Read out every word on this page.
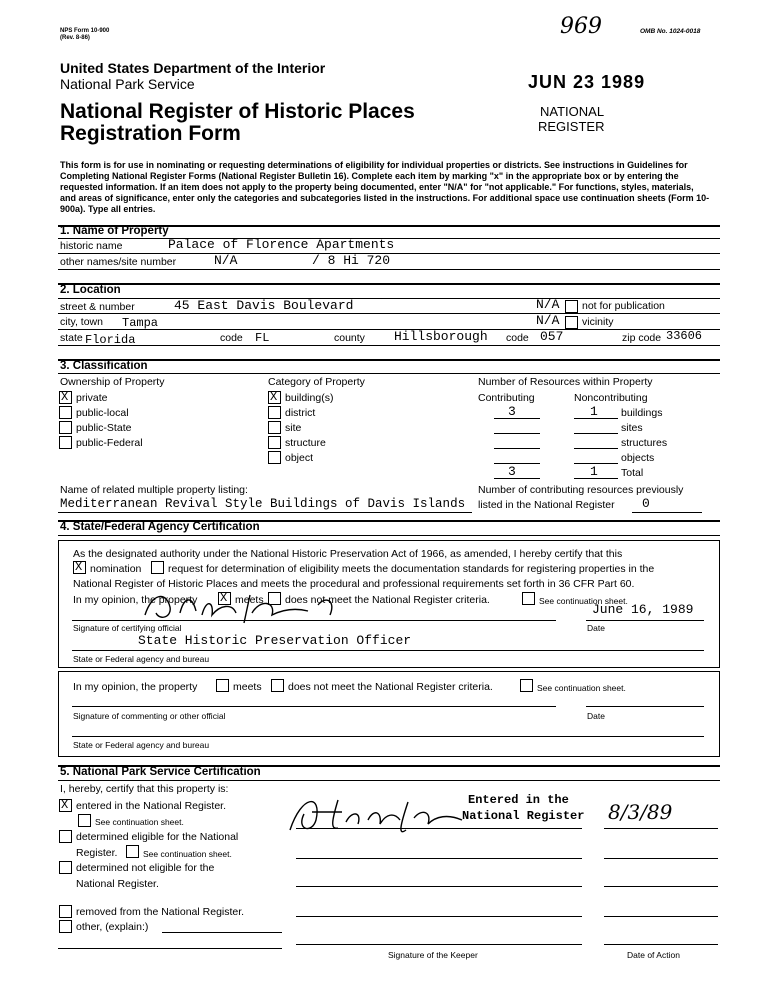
NPS Form 10-900
(Rev. 8-86)	969	OMB No. 1024-0018
United States Department of the Interior
National Park Service
National Register of Historic Places
Registration Form
JUN 23 1989
NATIONAL
REGISTER
This form is for use in nominating or requesting determinations of eligibility for individual properties or districts. See instructions in Guidelines for Completing National Register Forms (National Register Bulletin 16). Complete each item by marking "x" in the appropriate box or by entering the requested information. If an item does not apply to the property being documented, enter "N/A" for "not applicable." For functions, styles, materials, and areas of significance, enter only the categories and subcategories listed in the instructions. For additional space use continuation sheets (Form 10-900a). Type all entries.
1. Name of Property
historic name	Palace of Florence Apartments
other names/site number	N/A	/ 8 Hi 720
2. Location
street & number	45 East Davis Boulevard	N/A not for publication
city, town Tampa	N/A vicinity
state Florida	code FL	county Hillsborough code 057	zip code 33606
3. Classification
Ownership of Property
X
private
public-local
public-State
public-Federal
Category of Property
X
building(s)
district
site
structure
object
Number of Resources within Property
Contributing	Noncontributing
3	1 buildings
sites
structures
objects
3	1 Total
Name of related multiple property listing:
Mediterranean Revival Style Buildings of Davis Islands
Number of contributing resources previously
listed in the National Register 0
4. State/Federal Agency Certification
As the designated authority under the National Historic Preservation Act of 1966, as amended, I hereby certify that this
X
nomination	request for determination of eligibility meets the documentation standards for registering properties in the
National Register of Historic Places and meets the procedural and professional requirements set forth in 36 CFR Part 60.
In my opinion, the property
X	meets does not meet the National Register criteria.	See continuation sheet.
June 16, 1989
Signature of certifying official	Date
State Historic Preservation Officer
State or Federal agency and bureau
In my opinion, the property	meets	does not meet the National Register criteria.	See continuation sheet.
Signature of commenting or other official	Date
State or Federal agency and bureau
5. National Park Service Certification
I, hereby, certify that this property is:
X
entered in the National Register.
See continuation sheet.
determined eligible for the National
Register.	See continuation sheet.
determined not eligible for the
National Register.
removed from the National Register.
other, (explain:)
Entered in the
National Register 8/3/89
Signature of the Keeper	Date of Action
